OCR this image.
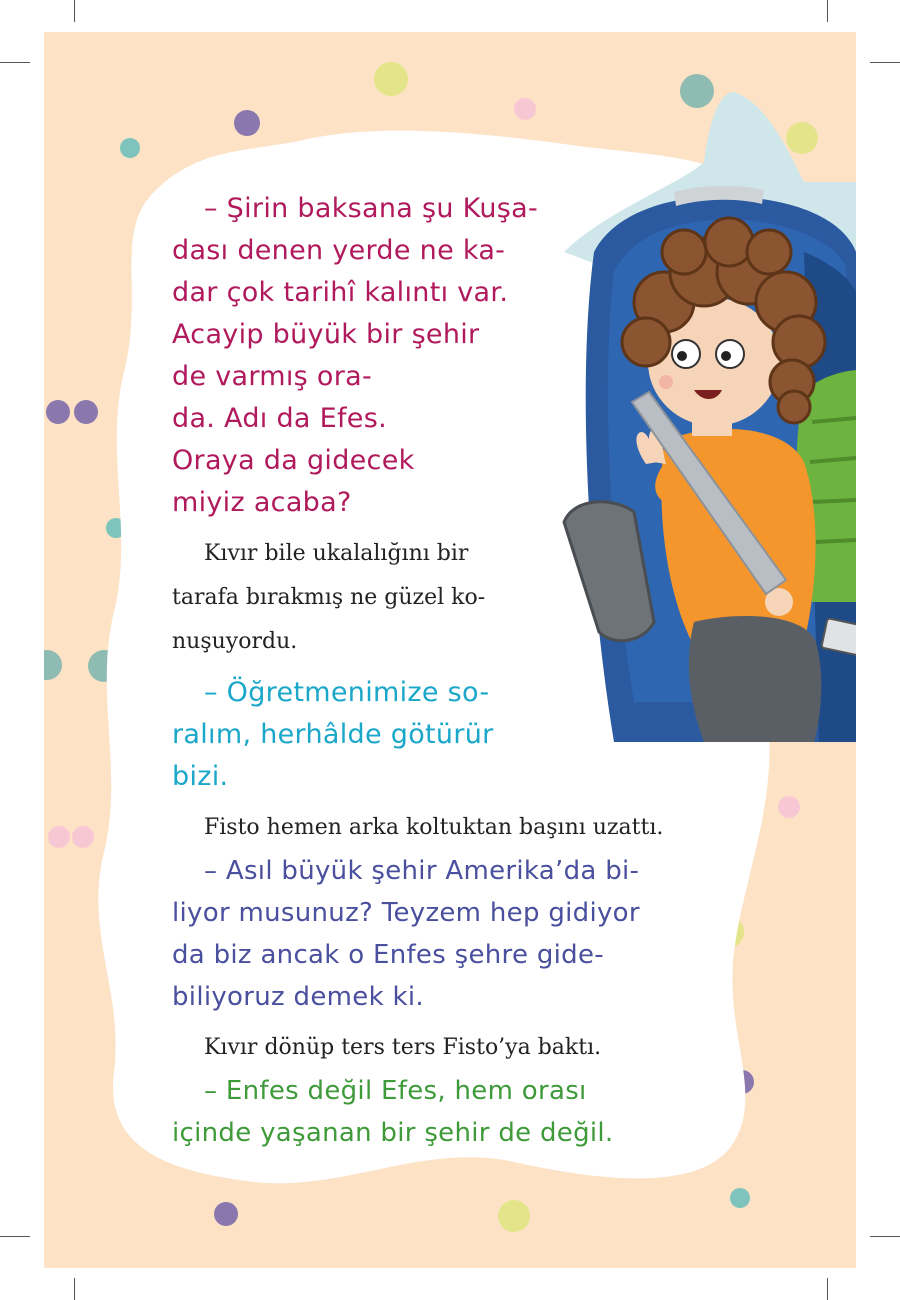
– Şirin baksana şu Kuşa-
dası denen yerde ne ka-
dar çok tarihî kalıntı var.
Acayip büyük bir şehir
de varmış ora-
da. Adı da Efes.
Oraya da gidecek
miyiz acaba?
Kıvır bile ukalalığını bir
tarafa bırakmış ne güzel ko-
nuşuyordu.
– Öğretmenimize so-
ralım, herhâlde götürür
bizi.
Fisto hemen arka koltuktan başını uzattı.
– Asıl büyük şehir Amerika’da bi-
liyor musunuz? Teyzem hep gidiyor
da biz ancak o Enfes şehre gide-
biliyoruz demek ki.
Kıvır dönüp ters ters Fisto’ya baktı.
– Enfes değil Efes, hem orası
içinde yaşanan bir şehir de değil.
